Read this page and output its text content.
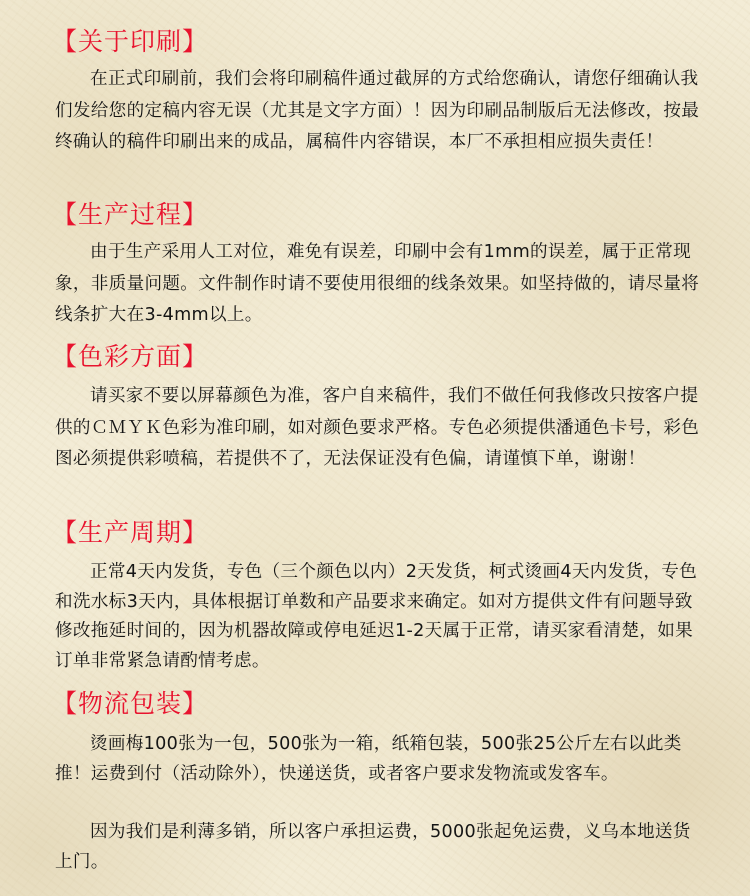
【关于印刷】

在正式印刷前，我们会将印刷稿件通过截屏的方式给您确认，请您仔细确认我们发给您的定稿内容无误（尤其是文字方面）！因为印刷品制版后无法修改，按最终确认的稿件印刷出来的成品，属稿件内容错误，本厂不承担相应损失责任！

【生产过程】

由于生产采用人工对位，难免有误差，印刷中会有1mm的误差，属于正常现象，非质量问题。文件制作时请不要使用很细的线条效果。如坚持做的，请尽量将线条扩大在3-4mm以上。

【色彩方面】

请买家不要以屏幕颜色为准，客户自来稿件，我们不做任何我修改只按客户提供的ＣＭＹＫ色彩为准印刷，如对颜色要求严格。专色必须提供潘通色卡号，彩色图必须提供彩喷稿，若提供不了，无法保证没有色偏，请谨慎下单，谢谢！

【生产周期】

正常4天内发货，专色（三个颜色以内）2天发货，柯式烫画4天内发货，专色和洗水标3天内，具体根据订单数和产品要求来确定。如对方提供文件有问题导致修改拖延时间的，因为机器故障或停电延迟1-2天属于正常，请买家看清楚，如果订单非常紧急请酌情考虑。

【物流包装】

烫画梅100张为一包，500张为一箱，纸箱包装，500张25公斤左右以此类推！运费到付（活动除外），快递送货，或者客户要求发物流或发客车。

因为我们是利薄多销，所以客户承担运费，5000张起免运费，义乌本地送货上门。
